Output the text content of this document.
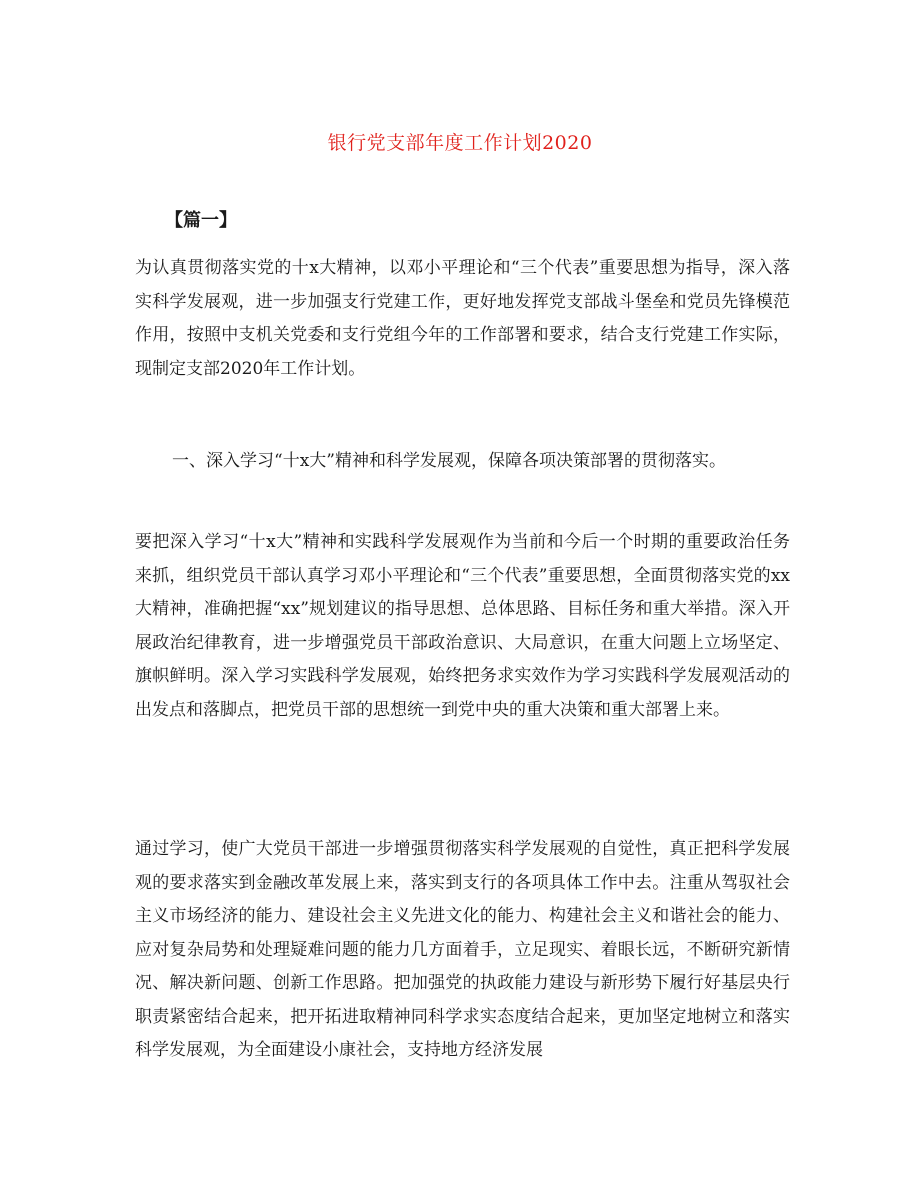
银行党支部年度工作计划2020
【篇一】

为认真贯彻落实党的十x大精神，以邓小平理论和“三个代表”重要思想为指导，深入落实科学发展观，进一步加强支行党建工作，更好地发挥党支部战斗堡垒和党员先锋模范作用，按照中支机关党委和支行党组今年的工作部署和要求，结合支行党建工作实际，现制定支部2020年工作计划。

一、深入学习“十x大”精神和科学发展观，保障各项决策部署的贯彻落实。

要把深入学习“十x大”精神和实践科学发展观作为当前和今后一个时期的重要政治任务来抓，组织党员干部认真学习邓小平理论和“三个代表”重要思想，全面贯彻落实党的xx大精神，准确把握“xx”规划建议的指导思想、总体思路、目标任务和重大举措。深入开展政治纪律教育，进一步增强党员干部政治意识、大局意识，在重大问题上立场坚定、旗帜鲜明。深入学习实践科学发展观，始终把务求实效作为学习实践科学发展观活动的出发点和落脚点，把党员干部的思想统一到党中央的重大决策和重大部署上来。

通过学习，使广大党员干部进一步增强贯彻落实科学发展观的自觉性，真正把科学发展观的要求落实到金融改革发展上来，落实到支行的各项具体工作中去。注重从驾驭社会主义市场经济的能力、建设社会主义先进文化的能力、构建社会主义和谐社会的能力、应对复杂局势和处理疑难问题的能力几方面着手，立足现实、着眼长远，不断研究新情况、解决新问题、创新工作思路。把加强党的执政能力建设与新形势下履行好基层央行职责紧密结合起来，把开拓进取精神同科学求实态度结合起来，更加坚定地树立和落实科学发展观，为全面建设小康社会，支持地方经济发展
